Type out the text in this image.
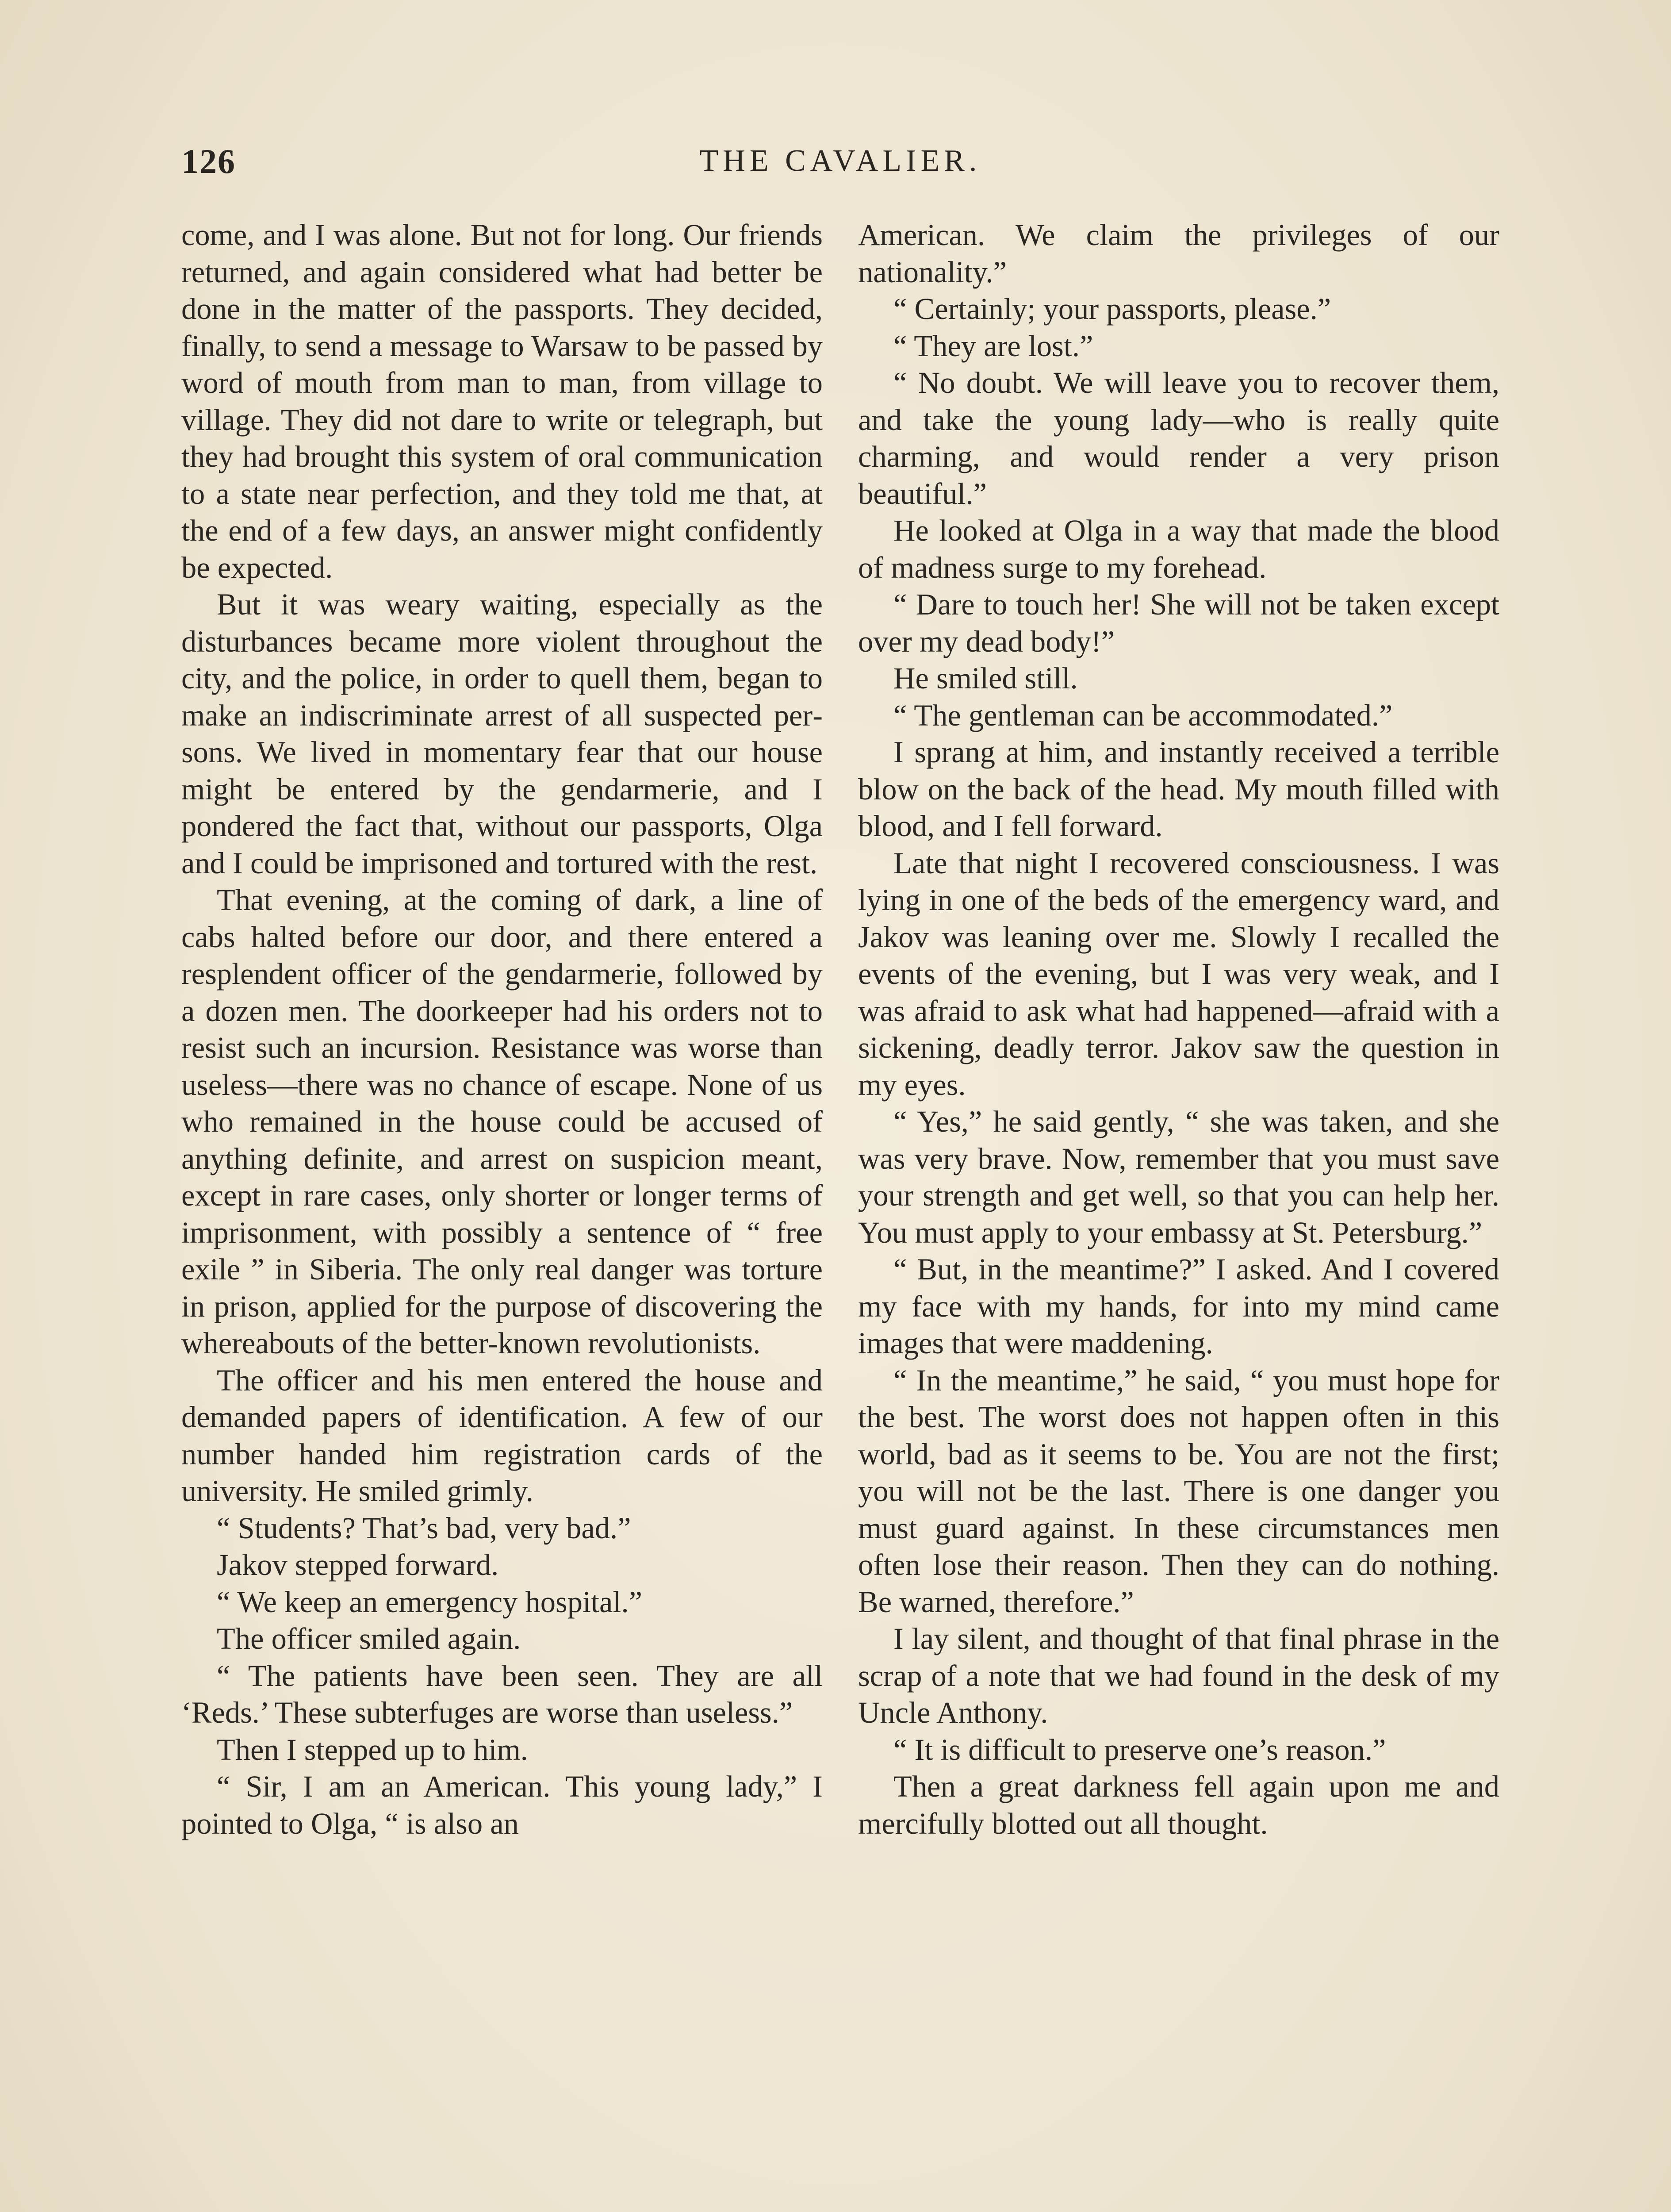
126	THE CAVALIER.

come, and I was alone. But not for long. Our friends returned, and again considered what had better be done in the matter of the passports. They decided, finally, to send a message to Warsaw to be passed by word of mouth from man to man, from village to village. They did not dare to write or telegraph, but they had brought this system of oral communication to a state near perfection, and they told me that, at the end of a few days, an answer might confidently be expected.

But it was weary waiting, especially as the disturbances became more violent throughout the city, and the police, in order to quell them, began to make an indiscriminate arrest of all suspected persons. We lived in momentary fear that our house might be entered by the gendarmerie, and I pondered the fact that, without our passports, Olga and I could be imprisoned and tortured with the rest.

That evening, at the coming of dark, a line of cabs halted before our door, and there entered a resplendent officer of the gendarmerie, followed by a dozen men. The doorkeeper had his orders not to resist such an incursion. Resistance was worse than useless—there was no chance of escape. None of us who remained in the house could be accused of anything definite, and arrest on suspicion meant, except in rare cases, only shorter or longer terms of imprisonment, with possibly a sentence of “ free exile ” in Siberia. The only real danger was torture in prison, applied for the purpose of discovering the whereabouts of the better-known revolutionists.

The officer and his men entered the house and demanded papers of identification. A few of our number handed him registration cards of the university. He smiled grimly.

“ Students? That’s bad, very bad.”

Jakov stepped forward.

“ We keep an emergency hospital.”

The officer smiled again.

“ The patients have been seen. They are all ‘Reds.’ These subterfuges are worse than useless.”

Then I stepped up to him.

“ Sir, I am an American. This young lady,” I pointed to Olga, “ is also an

American. We claim the privileges of our nationality.”

“ Certainly; your passports, please.”

“ They are lost.”

“ No doubt. We will leave you to recover them, and take the young lady—who is really quite charming, and would render a very prison beautiful.”

He looked at Olga in a way that made the blood of madness surge to my forehead.

“ Dare to touch her! She will not be taken except over my dead body!”

He smiled still.

“ The gentleman can be accommodated.”

I sprang at him, and instantly received a terrible blow on the back of the head. My mouth filled with blood, and I fell forward.

Late that night I recovered consciousness. I was lying in one of the beds of the emergency ward, and Jakov was leaning over me. Slowly I recalled the events of the evening, but I was very weak, and I was afraid to ask what had happened—afraid with a sickening, deadly terror. Jakov saw the question in my eyes.

“ Yes,” he said gently, “ she was taken, and she was very brave. Now, remember that you must save your strength and get well, so that you can help her. You must apply to your embassy at St. Petersburg.”

“ But, in the meantime?” I asked. And I covered my face with my hands, for into my mind came images that were maddening.

“ In the meantime,” he said, “ you must hope for the best. The worst does not happen often in this world, bad as it seems to be. You are not the first; you will not be the last. There is one danger you must guard against. In these circumstances men often lose their reason. Then they can do nothing. Be warned, therefore.”

I lay silent, and thought of that final phrase in the scrap of a note that we had found in the desk of my Uncle Anthony.

“ It is difficult to preserve one’s reason.”

Then a great darkness fell again upon me and mercifully blotted out all thought.
